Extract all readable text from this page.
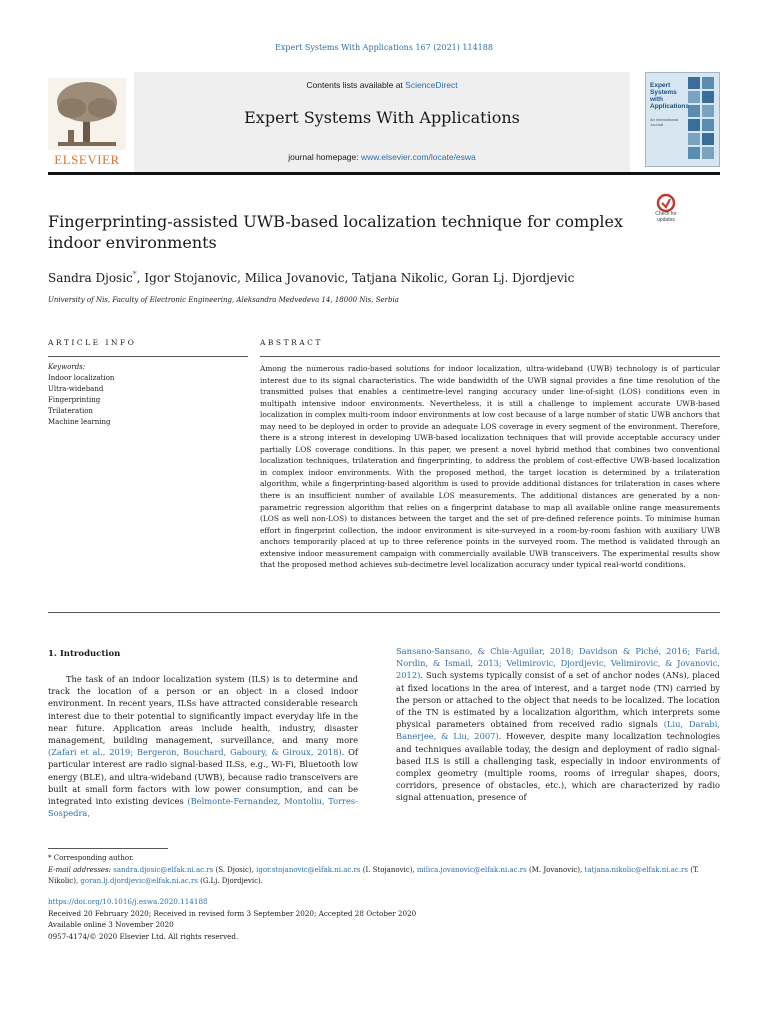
Expert Systems With Applications 167 (2021) 114188
ELSEVIER
Contents lists available at ScienceDirect
Expert Systems With Applications
journal homepage: www.elsevier.com/locate/eswa
Expert Systems with Applications
An International Journal
Fingerprinting-assisted UWB-based localization technique for complex indoor environments
Check for updates
Sandra Djosic*, Igor Stojanovic, Milica Jovanovic, Tatjana Nikolic, Goran Lj. Djordjevic
University of Nis, Faculty of Electronic Engineering, Aleksandra Medvedeva 14, 18000 Nis, Serbia
ARTICLE INFO
Keywords:
Indoor localization
Ultra-wideband
Fingerprinting
Trilateration
Machine learning
ABSTRACT
Among the numerous radio-based solutions for indoor localization, ultra-wideband (UWB) technology is of particular interest due to its signal characteristics. The wide bandwidth of the UWB signal provides a fine time resolution of the transmitted pulses that enables a centimetre-level ranging accuracy under line-of-sight (LOS) conditions even in multipath intensive indoor environments. Nevertheless, it is still a challenge to implement accurate UWB-based localization in complex multi-room indoor environments at low cost because of a large number of static UWB anchors that may need to be deployed in order to provide an adequate LOS coverage in every segment of the environment. Therefore, there is a strong interest in developing UWB-based localization techniques that will provide acceptable accuracy under partially LOS coverage conditions. In this paper, we present a novel hybrid method that combines two conventional localization techniques, trilateration and fingerprinting, to address the problem of cost-effective UWB-based localization in complex indoor environments. With the proposed method, the target location is determined by a trilateration algorithm, while a fingerprinting-based algorithm is used to provide additional distances for trilateration in cases where there is an insufficient number of available LOS measurements. The additional distances are generated by a non-parametric regression algorithm that relies on a fingerprint database to map all available online range measurements (LOS as well non-LOS) to distances between the target and the set of pre-defined reference points. To minimise human effort in fingerprint collection, the indoor environment is site-surveyed in a room-by-room fashion with auxiliary UWB anchors temporarily placed at up to three reference points in the surveyed room. The method is validated through an extensive indoor measurement campaign with commercially available UWB transceivers. The experimental results show that the proposed method achieves sub-decimetre level localization accuracy under typical real-world conditions.
1. Introduction

The task of an indoor localization system (ILS) is to determine and track the location of a person or an object in a closed indoor environment. In recent years, ILSs have attracted considerable research interest due to their potential to significantly impact everyday life in the near future. Application areas include health, industry, disaster management, building management, surveillance, and many more (Zafari et al., 2019; Bergeron, Bouchard, Gaboury, & Giroux, 2018). Of particular interest are radio signal-based ILSs, e.g., Wi-Fi, Bluetooth low energy (BLE), and ultra-wideband (UWB), because radio transceivers are built at small form factors with low power consumption, and can be integrated into existing devices (Belmonte-Fernandez, Montoliu, Torres-Sospedra,

Sansano-Sansano, & Chia-Aguilar, 2018; Davidson & Piché, 2016; Farid, Nordin, & Ismail, 2013; Velimirovic, Djordjevic, Velimirovic, & Jovanovic, 2012). Such systems typically consist of a set of anchor nodes (ANs), placed at fixed locations in the area of interest, and a target node (TN) carried by the person or attached to the object that needs to be localized. The location of the TN is estimated by a localization algorithm, which interprets some physical parameters obtained from received radio signals (Liu, Darabi, Banerjee, & Liu, 2007). However, despite many localization technologies and techniques available today, the design and deployment of radio signal-based ILS is still a challenging task, especially in indoor environments of complex geometry (multiple rooms, rooms of irregular shapes, doors, corridors, presence of obstacles, etc.), which are characterized by radio signal attenuation, presence of
* Corresponding author.
E-mail addresses: sandra.djosic@elfak.ni.ac.rs (S. Djosic), igor.stojanovic@elfak.ni.ac.rs (I. Stojanovic), milica.jovanovic@elfak.ni.ac.rs (M. Jovanovic), tatjana.nikolic@elfak.ni.ac.rs (T. Nikolic), goran.lj.djordjevic@elfak.ni.ac.rs (G.Lj. Djordjevic).
https://doi.org/10.1016/j.eswa.2020.114188
Received 20 February 2020; Received in revised form 3 September 2020; Accepted 28 October 2020
Available online 3 November 2020
0957-4174/© 2020 Elsevier Ltd. All rights reserved.
